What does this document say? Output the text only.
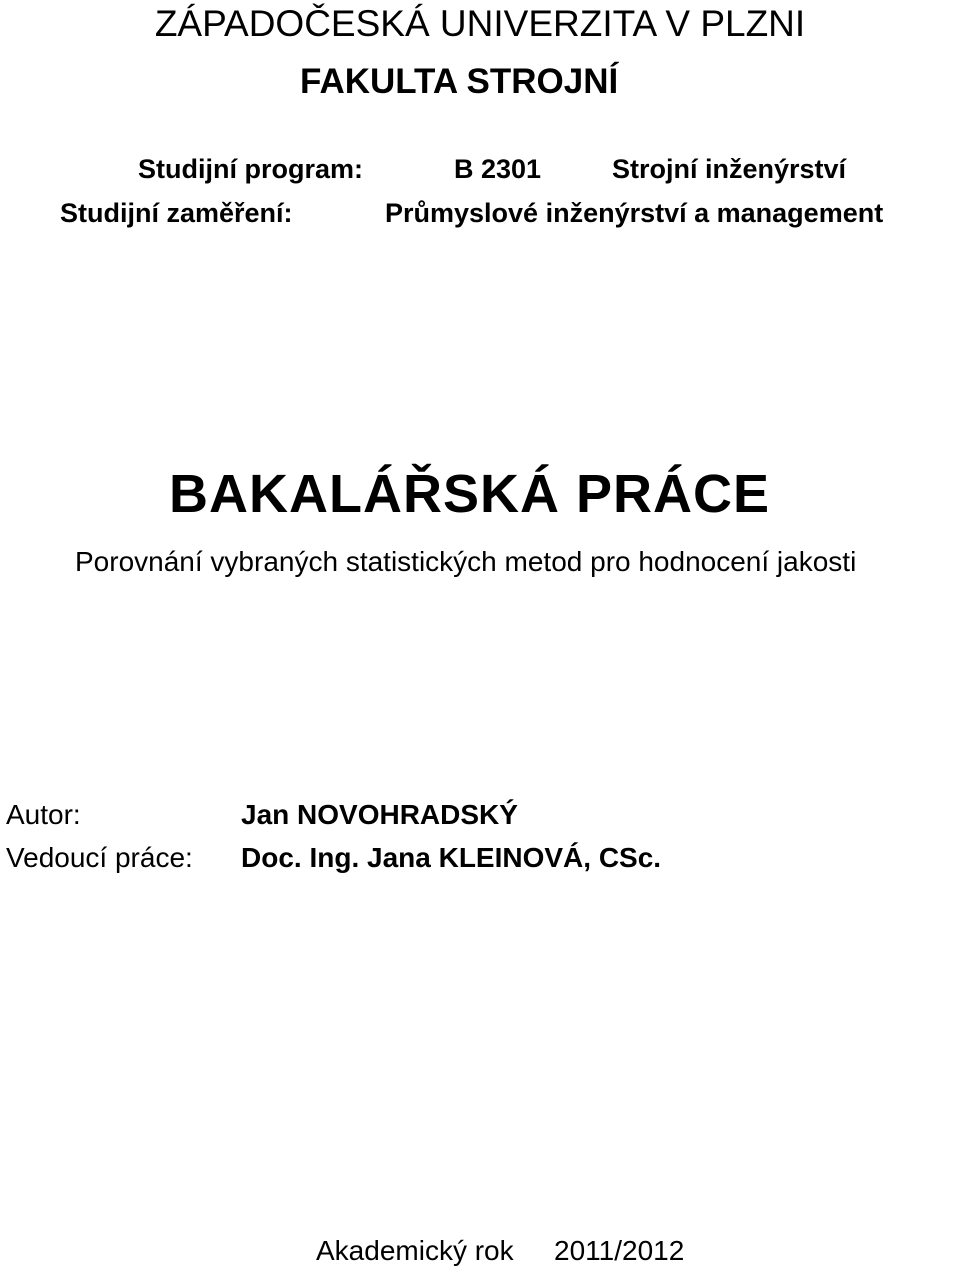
ZÁPADOČESKÁ UNIVERZITA V PLZNI
FAKULTA STROJNÍ
Studijní program:	B 2301	Strojní inženýrství
Studijní zaměření:	Průmyslové inženýrství a management
BAKALÁŘSKÁ PRÁCE
Porovnání vybraných statistických metod pro hodnocení jakosti
Autor:	Jan NOVOHRADSKÝ
Vedoucí práce: Doc. Ing. Jana KLEINOVÁ, CSc.
Akademický rok 2011/2012
